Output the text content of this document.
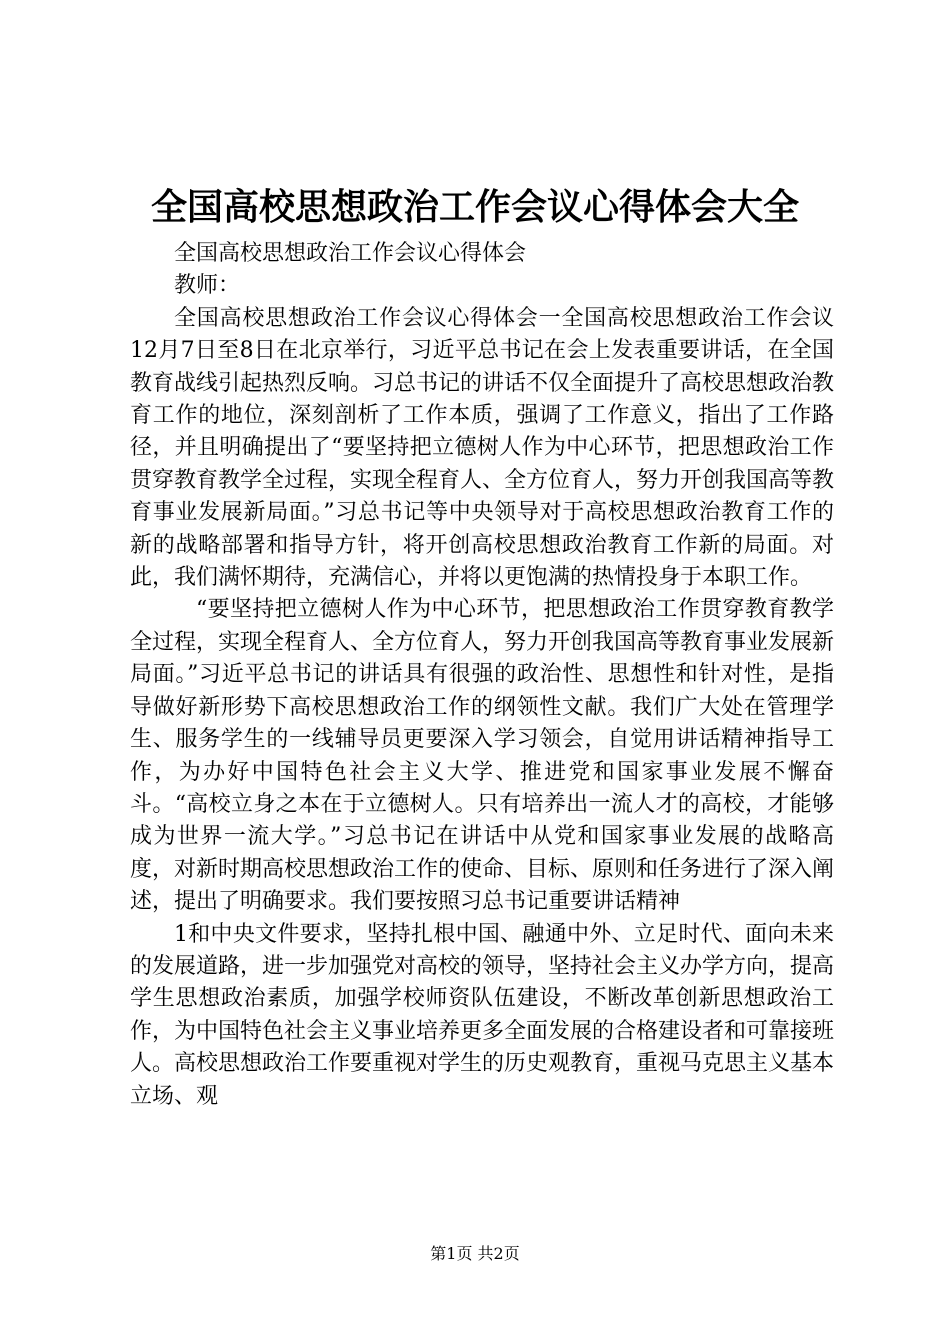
全国高校思想政治工作会议心得体会大全

全国高校思想政治工作会议心得体会

教师：

全国高校思想政治工作会议心得体会一全国高校思想政治工作会议12月7日至8日在北京举行，习近平总书记在会上发表重要讲话，在全国教育战线引起热烈反响。习总书记的讲话不仅全面提升了高校思想政治教育工作的地位，深刻剖析了工作本质，强调了工作意义，指出了工作路径，并且明确提出了“要坚持把立德树人作为中心环节，把思想政治工作贯穿教育教学全过程，实现全程育人、全方位育人，努力开创我国高等教育事业发展新局面。”习总书记等中央领导对于高校思想政治教育工作的新的战略部署和指导方针，将开创高校思想政治教育工作新的局面。对此，我们满怀期待，充满信心，并将以更饱满的热情投身于本职工作。

“要坚持把立德树人作为中心环节，把思想政治工作贯穿教育教学全过程，实现全程育人、全方位育人，努力开创我国高等教育事业发展新局面。”习近平总书记的讲话具有很强的政治性、思想性和针对性，是指导做好新形势下高校思想政治工作的纲领性文献。我们广大处在管理学生、服务学生的一线辅导员更要深入学习领会，自觉用讲话精神指导工作，为办好中国特色社会主义大学、推进党和国家事业发展不懈奋斗。“高校立身之本在于立德树人。只有培养出一流人才的高校，才能够成为世界一流大学。”习总书记在讲话中从党和国家事业发展的战略高度，对新时期高校思想政治工作的使命、目标、原则和任务进行了深入阐述，提出了明确要求。我们要按照习总书记重要讲话精神

1和中央文件要求，坚持扎根中国、融通中外、立足时代、面向未来的发展道路，进一步加强党对高校的领导，坚持社会主义办学方向，提高学生思想政治素质，加强学校师资队伍建设，不断改革创新思想政治工作，为中国特色社会主义事业培养更多全面发展的合格建设者和可靠接班人。高校思想政治工作要重视对学生的历史观教育，重视马克思主义基本立场、观

第1页 共2页
